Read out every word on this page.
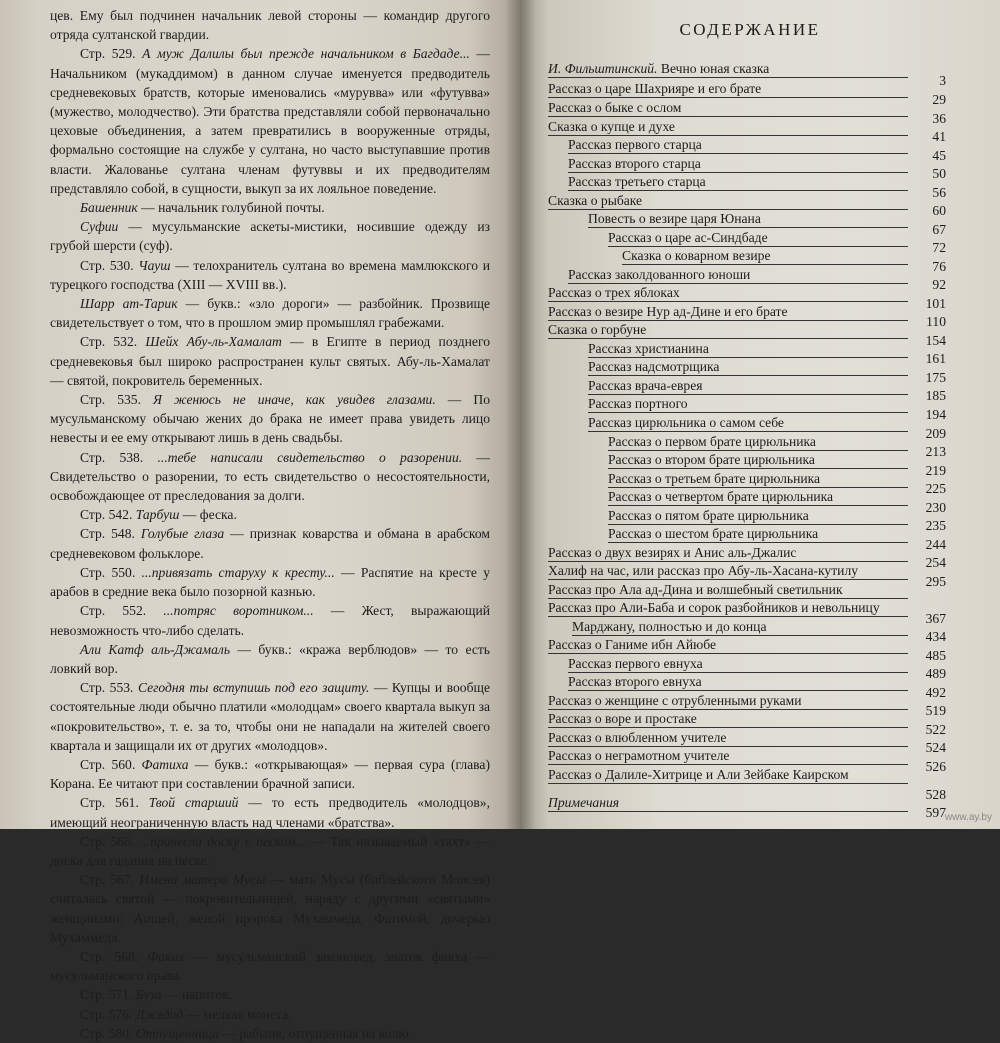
цев. Ему был подчинен начальник левой стороны — командир другого отряда султанской гвардии.

Стр. 529. А муж Далилы был прежде начальником в Багдаде... — Начальником (мукаддимом) в данном случае именуется предводитель средневековых братств, которые именовались «мурувва» или «футувва» (мужество, молодчество). Эти братства представляли собой первоначально цеховые объединения, а затем превратились в вооруженные отряды, формально состоящие на службе у султана, но часто выступавшие против власти. Жалованье султана членам футуввы и их предводителям представляло собой, в сущности, выкуп за их лояльное поведение.

Башенник — начальник голубиной почты.

Суфии — мусульманские аскеты-мистики, носившие одежду из грубой шерсти (суф).

Стр. 530. Чауш — телохранитель султана во времена мамлюкского и турецкого господства (XIII — XVIII вв.).

Шарр ат-Тарик — букв.: «зло дороги» — разбойник. Прозвище свидетельствует о том, что в прошлом эмир промышлял грабежами.

Стр. 532. Шейх Абу-ль-Хамалат — в Египте в период позднего средневековья был широко распространен культ святых. Абу-ль-Хамалат — святой, покровитель беременных.

Стр. 535. Я женюсь не иначе, как увидев глазами. — По мусульманскому обычаю жених до брака не имеет права увидеть лицо невесты и ее ему открывают лишь в день свадьбы.

Стр. 538. ...тебе написали свидетельство о разорении. — Свидетельство о разорении, то есть свидетельство о несостоятельности, освобождающее от преследования за долги.

Стр. 542. Тарбуш — феска.

Стр. 548. Голубые глаза — признак коварства и обмана в арабском средневековом фольклоре.

Стр. 550. ...привязать старуху к кресту... — Распятие на кресте у арабов в средние века было позорной казнью.

Стр. 552. ...потряс воротником... — Жест, выражающий невозможность что-либо сделать.

Али Катф аль-Джамаль — букв.: «кража верблюдов» — то есть ловкий вор.

Стр. 553. Сегодня ты вступишь под его защиту. — Купцы и вообще состоятельные люди обычно платили «молодцам» своего квартала выкуп за «покровительство», т. е. за то, чтобы они не нападали на жителей своего квартала и защищали их от других «молодцов».

Стр. 560. Фатиха — букв.: «открывающая» — первая сура (глава) Корана. Ее читают при составлении брачной записи.

Стр. 561. Твой старший — то есть предводитель «молодцов», имеющий неограниченную власть над членами «братства».

Стр. 566. ...принесли доску с песком... — Так называемый «тахт» — доска для гадания на песке.

Стр. 567. Имена матери Мусы — мать Мусы (библейского Моисея) считалась святой — покровительницей, наряду с другими «святыми» женщинами: Аишей, женой пророка Мухаммеда, Фатимой, дочерью Мухаммеда.

Стр. 568. Факих — мусульманский законовед, знаток фикха — мусульманского права.

Стр. 571. Буза — напиток.

Стр. 576. Джедид — мелкая монета.

Стр. 580. Отпущенница — рабыня, отпущенная на волю.

СОДЕРЖАНИЕ
И. Фильштинский. Вечно юная сказка
Рассказ о царе Шахрияре и его брате
3
Рассказ о быке с ослом
29
Сказка о купце и духе
36
Рассказ первого старца
41
Рассказ второго старца
45
Рассказ третьего старца
50
Сказка о рыбаке
56
Повесть о везире царя Юнана
60
Рассказ о царе ас-Синдбаде
67
Сказка о коварном везире
72
Рассказ заколдованного юноши
76
Рассказ о трех яблоках
92
Рассказ о везире Нур ад-Дине и его брате
101
Сказка о горбуне
110
Рассказ христианина
154
Рассказ надсмотрщика
161
Рассказ врача-еврея
175
Рассказ портного
185
Рассказ цирюльника о самом себе
194
Рассказ о первом брате цирюльника
209
Рассказ о втором брате цирюльника
213
Рассказ о третьем брате цирюльника
219
Рассказ о четвертом брате цирюльника
225
Рассказ о пятом брате цирюльника
230
Рассказ о шестом брате цирюльника
235
Рассказ о двух везирях и Анис аль-Джалис
244
Халиф на час, или рассказ про Абу-ль-Хасана-кутилу
254
Рассказ про Ала ад-Дина и волшебный светильник
295
Рассказ про Али-Баба и сорок разбойников и невольницу
Марджану, полностью и до конца
367
Рассказ о Ганиме ибн Айюбе
434
Рассказ первого евнуха
485
Рассказ второго евнуха
489
Рассказ о женщине с отрубленными руками
492
Рассказ о воре и простаке
519
Рассказ о влюбленном учителе
522
Рассказ о неграмотном учителе
524
Рассказ о Далиле-Хитрице и Али Зейбаке Каирском
526
Примечания
528
597
www.ay.by
